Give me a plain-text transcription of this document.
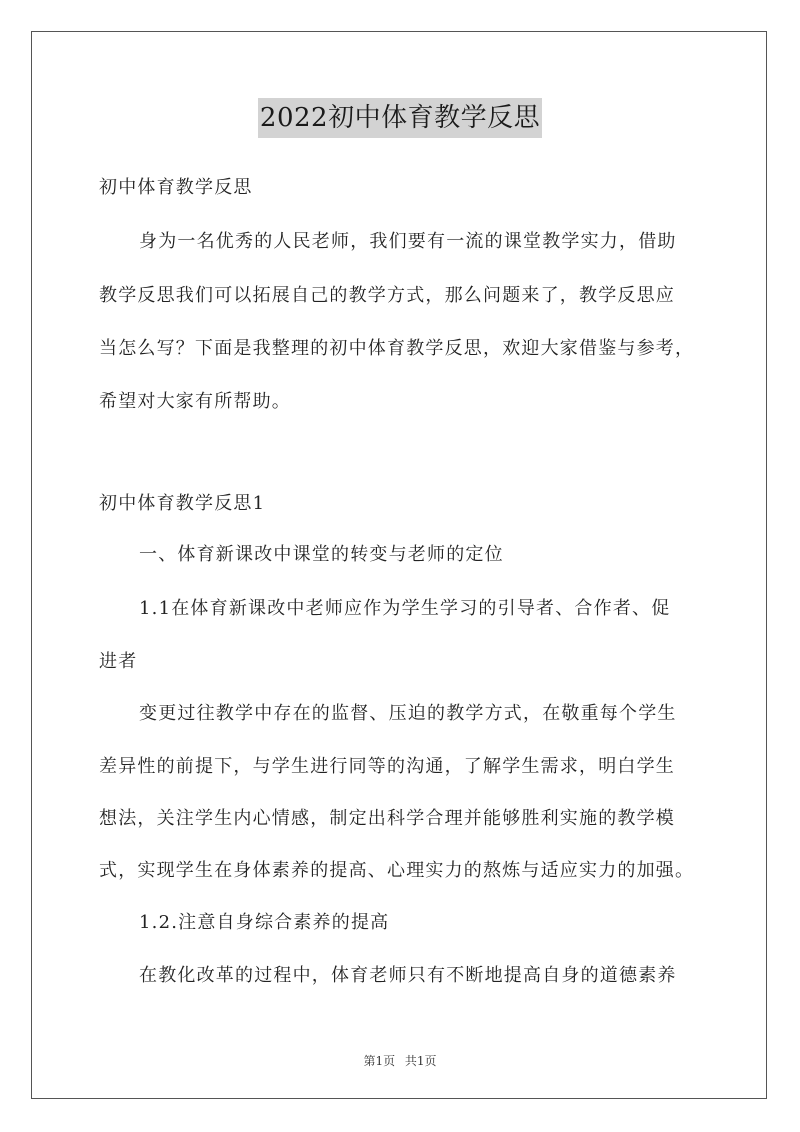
2022初中体育教学反思
初中体育教学反思
身为一名优秀的人民老师，我们要有一流的课堂教学实力，借助
教学反思我们可以拓展自己的教学方式，那么问题来了，教学反思应
当怎么写？下面是我整理的初中体育教学反思，欢迎大家借鉴与参考，
希望对大家有所帮助。
初中体育教学反思1
一、体育新课改中课堂的转变与老师的定位
1.1在体育新课改中老师应作为学生学习的引导者、合作者、促
进者
变更过往教学中存在的监督、压迫的教学方式，在敬重每个学生
差异性的前提下，与学生进行同等的沟通，了解学生需求，明白学生
想法，关注学生内心情感，制定出科学合理并能够胜利实施的教学模
式，实现学生在身体素养的提高、心理实力的熬炼与适应实力的加强。
1.2.注意自身综合素养的提高
在教化改革的过程中，体育老师只有不断地提高自身的道德素养
第1页 共1页
